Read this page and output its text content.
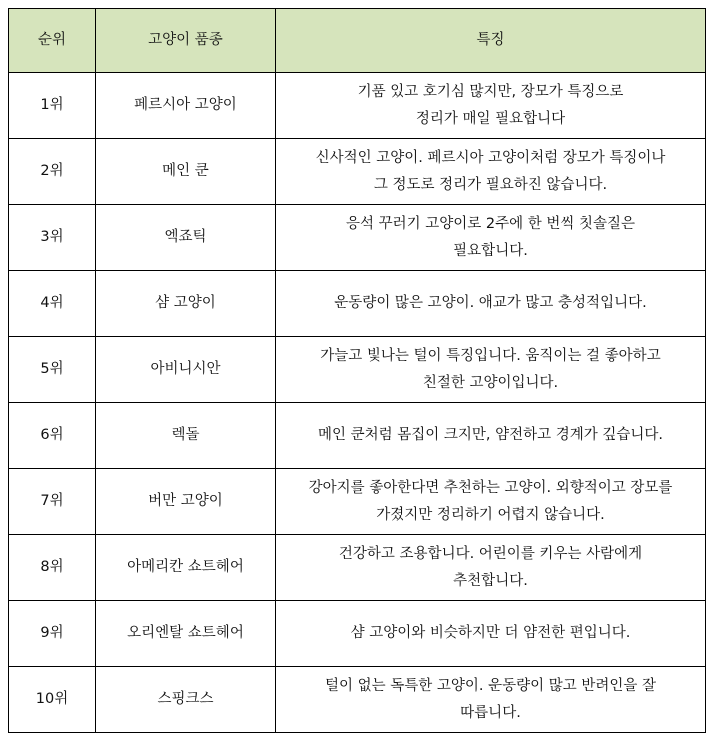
순위	고양이 품종	특징
1위	페르시아 고양이	기품 있고 호기심 많지만, 장모가 특징으로
정리가 매일 필요합니다
2위	메인 쿤	신사적인 고양이. 페르시아 고양이처럼 장모가 특징이나
그 정도로 정리가 필요하진 않습니다.
3위	엑죠틱	응석 꾸러기 고양이로 2주에 한 번씩 칫솔질은
필요합니다.
4위	샴 고양이	운동량이 많은 고양이. 애교가 많고 충성적입니다.
5위	아비니시안	가늘고 빛나는 털이 특징입니다. 움직이는 걸 좋아하고
친절한 고양이입니다.
6위	렉돌	메인 쿤처럼 몸집이 크지만, 얌전하고 경계가 깊습니다.
7위	버만 고양이	강아지를 좋아한다면 추천하는 고양이. 외향적이고 장모를
가졌지만 정리하기 어렵지 않습니다.
8위	아메리칸 쇼트헤어	건강하고 조용합니다. 어린이를 키우는 사람에게
추천합니다.
9위	오리엔탈 쇼트헤어	샴 고양이와 비슷하지만 더 얌전한 편입니다.
10위	스핑크스	털이 없는 독특한 고양이. 운동량이 많고 반려인을 잘
따릅니다.
